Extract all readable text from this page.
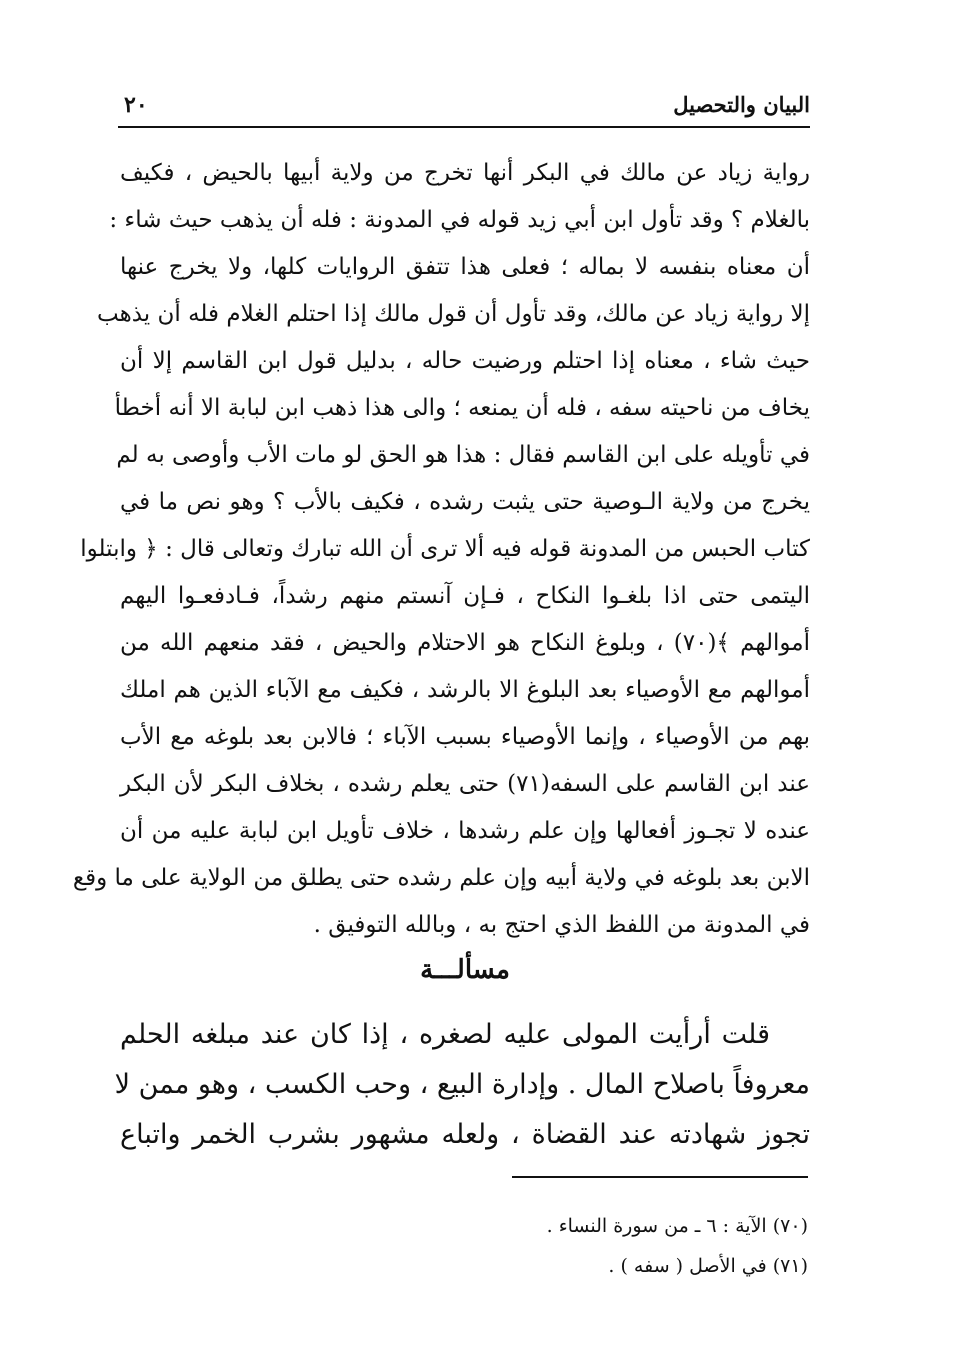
البيان والتحصيل
٢٠
رواية زياد عن مالك في البكر أنها تخرج من ولاية أبيها بالحيض ، فكيف
بالغلام ؟ وقد تأول ابن أبي زيد قوله في المدونة : فله أن يذهب حيث شاء :
أن معناه بنفسه لا بماله ؛ فعلى هذا تتفق الروايات كلها، ولا يخرج عنها
إلا رواية زياد عن مالك، وقد تأول أن قول مالك إذا احتلم الغلام فله أن يذهب
حيث شاء ، معناه إذا احتلم ورضيت حاله ، بدليل قول ابن القاسم إلا أن
يخاف من ناحيته سفه ، فله أن يمنعه ؛ والى هذا ذهب ابن لبابة الا أنه أخطأ
في تأويله على ابن القاسم فقال : هذا هو الحق لو مات الأب وأوصى به لم
يخرج من ولاية الـوصية حتى يثبت رشده ، فكيف بالأب ؟ وهو نص ما في
كتاب الحبس من المدونة قوله فيه ألا ترى أن الله تبارك وتعالى قال : ﴿ وابتلوا
اليتمى حتى اذا بلغـوا النكاح ، فـإن آنستم منهم رشداً، فـادفعـوا اليهم
أموالهم ﴾(٧٠) ، وبلوغ النكاح هو الاحتلام والحيض ، فقد منعهم الله من
أموالهم مع الأوصياء بعد البلوغ الا بالرشد ، فكيف مع الآباء الذين هم املك
بهم من الأوصياء ، وإنما الأوصياء بسبب الآباء ؛ فالابن بعد بلوغه مع الأب
عند ابن القاسم على السفه(٧١) حتى يعلم رشده ، بخلاف البكر لأن البكر
عنده لا تجـوز أفعالها وإن علم رشدها ، خلاف تأويل ابن لبابة عليه من أن
الابن بعد بلوغه في ولاية أبيه وإن علم رشده حتى يطلق من الولاية على ما وقع
في المدونة من اللفظ الذي احتج به ، وبالله التوفيق .
مسألـــة
قلت أرأيت المولى عليه لصغره ، إذا كان عند مبلغه الحلم
معروفاً باصلاح المال . وإدارة البيع ، وحب الكسب ، وهو ممن لا
تجوز شهادته عند القضاة ، ولعله مشهور بشرب الخمر واتباع
(٧٠) الآية : ٦ ـ من سورة النساء .
(٧١) في الأصل ( سفه ) .
